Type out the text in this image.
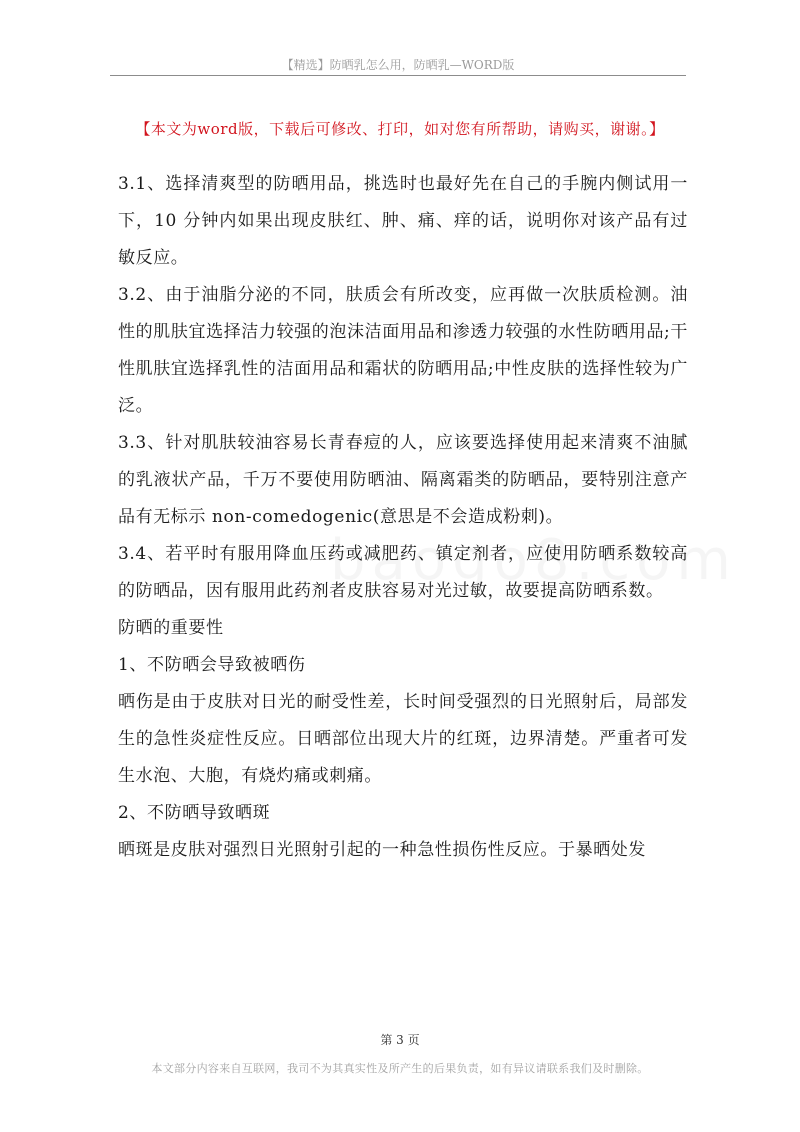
【精选】防晒乳怎么用，防晒乳—WORD版
【本文为word版，下载后可修改、打印，如对您有所帮助，请购买，谢谢。】

3.1、选择清爽型的防晒用品，挑选时也最好先在自己的手腕内侧试用一下，10 分钟内如果出现皮肤红、肿、痛、痒的话，说明你对该产品有过敏反应。

3.2、由于油脂分泌的不同，肤质会有所改变，应再做一次肤质检测。油性的肌肤宜选择洁力较强的泡沫洁面用品和渗透力较强的水性防晒用品;干性肌肤宜选择乳性的洁面用品和霜状的防晒用品;中性皮肤的选择性较为广泛。

3.3、针对肌肤较油容易长青春痘的人，应该要选择使用起来清爽不油腻的乳液状产品，千万不要使用防晒油、隔离霜类的防晒品，要特别注意产品有无标示 non-comedogenic(意思是不会造成粉刺)。

3.4、若平时有服用降血压药或减肥药、镇定剂者，应使用防晒系数较高的防晒品，因有服用此药剂者皮肤容易对光过敏，故要提高防晒系数。

防晒的重要性

1、不防晒会导致被晒伤

晒伤是由于皮肤对日光的耐受性差，长时间受强烈的日光照射后，局部发生的急性炎症性反应。日晒部位出现大片的红斑，边界清楚。严重者可发生水泡、大胞，有烧灼痛或刺痛。

2、不防晒导致晒斑

晒斑是皮肤对强烈日光照射引起的一种急性损伤性反应。于暴晒处发

第 3 页
本文部分内容来自互联网，我司不为其真实性及所产生的后果负责，如有异议请联系我们及时删除。
